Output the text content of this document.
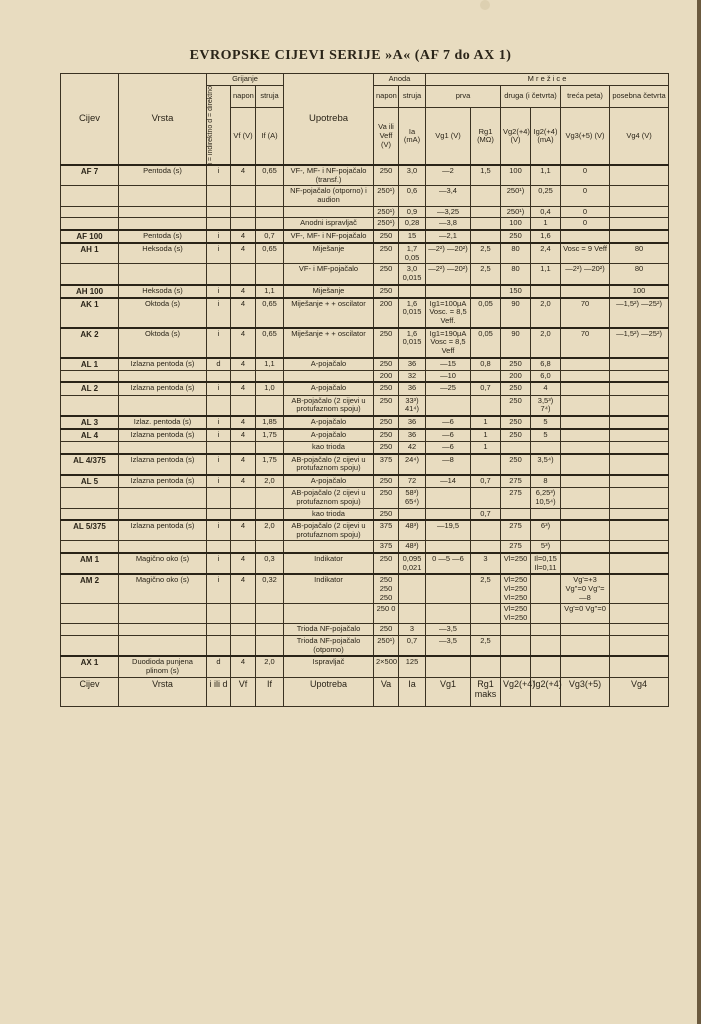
EVROPSKE CIJEVI SERIJE »A« (AF 7 do AX 1)
Cijev	Vrsta	Grijanje			Upotreba	Anoda		M r e ž i c e					

		i = indirektno d = direktno	napon	struja		napon	struja	prva		druga (i četvrta)		treća peta)	posebna četvrta
			Vf (V)	If (A)		Va ili Veff (V)	Ia (mA)	Vg1 (V)	Rg1 (MΩ)	Vg2(+4) (V)	Ig2(+4) (mA)	Vg3(+5) (V)	Vg4 (V)
AF 7	Pentoda (s)	i	4	0,65	VF-, MF- i NF-pojačalo (transf.)	250	3,0	—2	1,5	100	1,1	0	
					NF-pojačalo (otporno) i audion	250¹)	0,6	—3,4		250¹)	0,25	0	
						250¹)	0,9	—3,25		250¹)	0,4	0	
					Anodni ispravljač	250¹)	0,28	—3,8		100	1	0	
AF 100	Pentoda (s)	i	4	0,7	VF-, MF- i NF-pojačalo	250	15	—2,1		250	1,6		
AH 1	Heksoda (s)	i	4	0,65	Miješanje	250	1,7 0,05	—2²) —20²)	2,5	80	2,4	Vosc = 9 Veff	80
					VF- i MF-pojačalo	250	3,0 0,015	—2²) —20²)	2,5	80	1,1	—2²) —20²)	80
AH 100	Heksoda (s)	i	4	1,1	Miješanje	250				150			100
AK 1	Oktoda (s)	i	4	0,65	Miješanje + + oscilator	200	1,6 0,015	Ig1=100μA Vosc. = 8,5 Veff.	0,05	90	2,0	70	—1,5²) —25²)
AK 2	Oktoda (s)	i	4	0,65	Miješanje + + oscilator	250	1,6 0,015	Ig1=190μA Vosc = 8,5 Veff	0,05	90	2,0	70	—1,5²) —25²)
AL 1	Izlazna pentoda (s)	d	4	1,1	A-pojačalo	250	36	—15	0,8	250	6,8		
						200	32	—10		200	6,0		
AL 2	Izlazna pentoda (s)	i	4	1,0	A-pojačalo	250	36	—25	0,7	250	4		
					AB-pojačalo (2 cijevi u protufaznom spoju)	250	33³) 41⁴)			250	3,5³) 7⁴)		
AL 3	Izlaz. pentoda (s)	i	4	1,85	A-pojačalo	250	36	—6	1	250	5		
AL 4	Izlazna pentoda (s)	i	4	1,75	A-pojačalo	250	36	—6	1	250	5		
					kao trioda	250	42	—6	1				
AL 4/375	Izlazna pentoda (s)	i	4	1,75	AB-pojačalo (2 cijevi u protufaznom spoju)	375	24⁴)	—8		250	3,5⁴)		
AL 5	Izlazna pentoda (s)	i	4	2,0	A-pojačalo	250	72	—14	0,7	275	8		
					AB-pojačalo (2 cijevi u protufaznom spoju)	250	58³) 65⁴)			275	6,25³) 10,5⁴)		
					kao trioda	250			0,7				
AL 5/375	Izlazna pentoda (s)	i	4	2,0	AB-pojačalo (2 cijevi u protufaznom spoju)	375	48³)	—19,5		275	6³)		
						375	48³)			275	5³)		
AM 1	Magično oko (s)	i	4	0,3	Indikator	250	0,095 0,021	0 —5 —6	3	Vl=250	Il=0,15 Il=0,11		
AM 2	Magično oko (s)	i	4	0,32	Indikator	250 250 250			2,5	Vl=250 Vl=250 Vl=250		Vg'=+3 Vg''=0 Vg''=—8	
						250 0				Vl=250 Vl=250		Vg'=0 Vg''=0	
					Trioda NF-pojačalo	250	3	—3,5					
					Trioda NF-pojačalo (otporno)	250¹)	0,7	—3,5	2,5				
AX 1	Duodioda punjena plinom (s)	d	4	2,0	Ispravljač	2×500	125						
Cijev	Vrsta	i ili d	Vf	If	Upotreba	Va	Ia	Vg1	Rg1 maks	Vg2(+4)	Ig2(+4)	Vg3(+5)	Vg4
